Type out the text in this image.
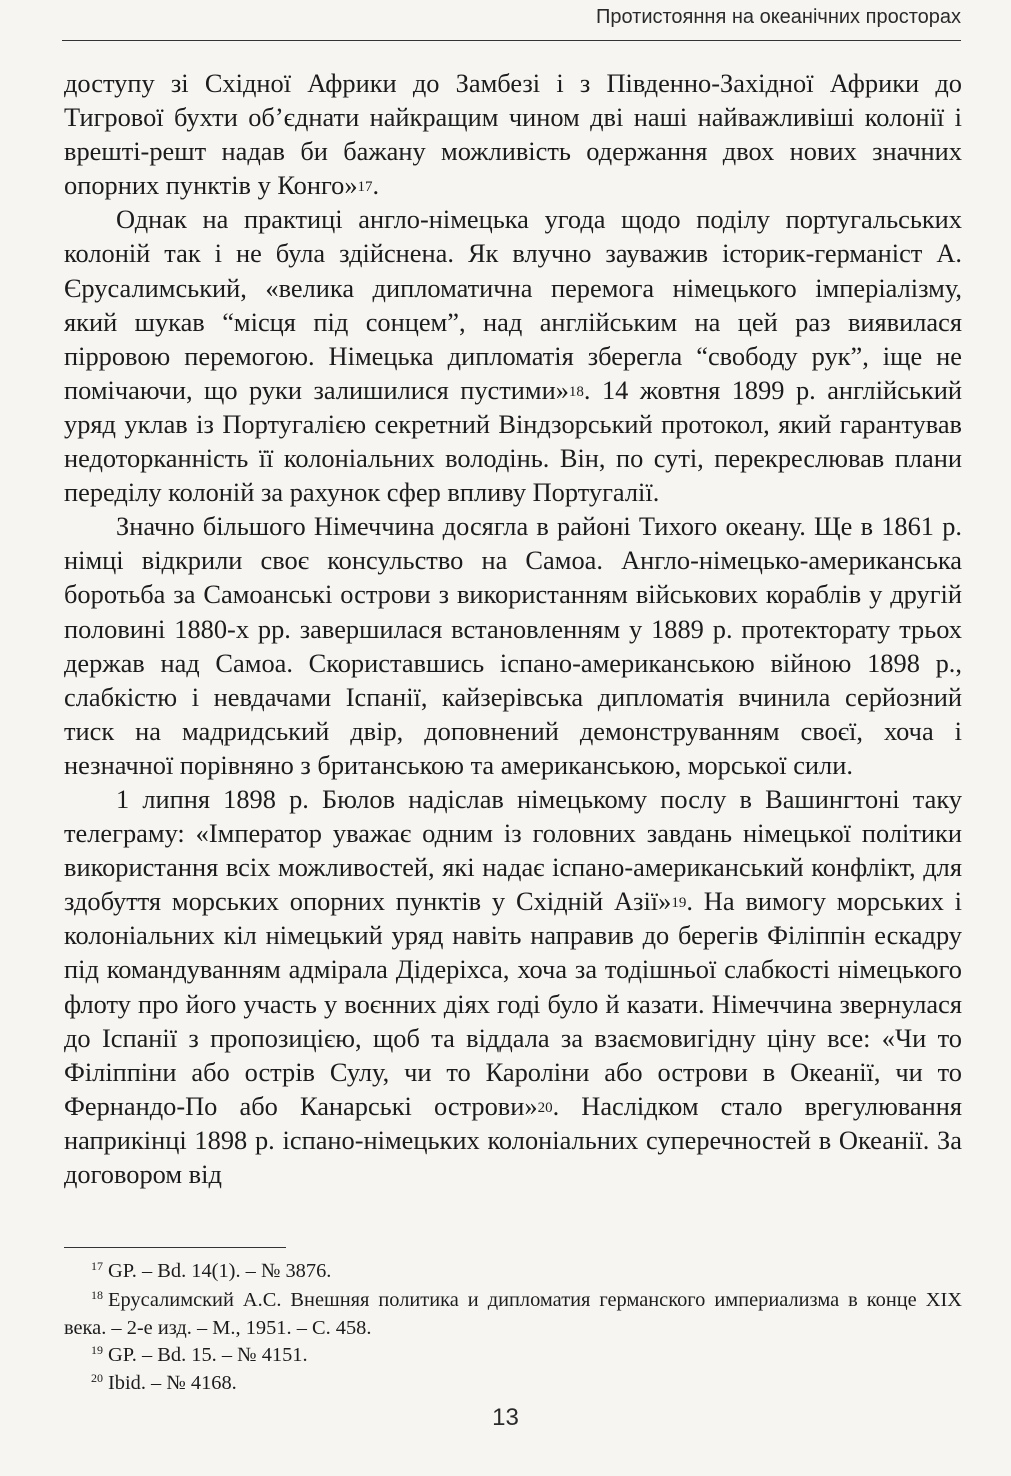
Протистояння на океанічних просторах

доступу зі Східної Африки до Замбезі і з Південно-Західної Африки до Тигрової бухти об’єднати найкращим чином дві наші найважливіші колонії і врешті-решт надав би бажану можливість одержання двох нових значних опорних пунктів у Конго»$^{17}$.

Однак на практиці англо-німецька угода щодо поділу португальських колоній так і не була здійснена. Як влучно зауважив історик-германіст А. Єрусалимський, «велика дипломатична перемога німецького імперіалізму, який шукав “місця під сонцем”, над англійським на цей раз виявилася пірровою перемогою. Німецька дипломатія зберегла “свободу рук”, іще не помічаючи, що руки залишилися пустими»$^{18}$. 14 жовтня 1899 р. англійський уряд уклав із Португалією секретний Віндзорський протокол, який гарантував недоторканність її колоніальних володінь. Він, по суті, перекреслював плани переділу колоній за рахунок сфер впливу Португалії.

Значно більшого Німеччина досягла в районі Тихого океану. Ще в 1861 р. німці відкрили своє консульство на Самоа. Англо-німецько-американська боротьба за Самоанські острови з використанням військових кораблів у другій половині 1880-х рр. завершилася встановленням у 1889 р. протекторату трьох держав над Самоа. Скориставшись іспано-американською війною 1898 р., слабкістю і невдачами Іспанії, кайзерівська дипломатія вчинила серйозний тиск на мадридський двір, доповнений демонструванням своєї, хоча і незначної порівняно з британською та американською, морської сили.

1 липня 1898 р. Бюлов надіслав німецькому послу в Вашингтоні таку телеграму: «Імператор уважає одним із головних завдань німецької політики використання всіх можливостей, які надає іспано-американський конфлікт, для здобуття морських опорних пунктів у Східній Азії»$^{19}$. На вимогу морських і колоніальних кіл німецький уряд навіть направив до берегів Філіппін ескадру під командуванням адмірала Дідеріхса, хоча за тодішньої слабкості німецького флоту про його участь у воєнних діях годі було й казати. Німеччина звернулася до Іспанії з пропозицією, щоб та віддала за взаємовигідну ціну все: «Чи то Філіппіни або острів Сулу, чи то Кароліни або острови в Океанії, чи то Фернандо-По або Канарські острови»$^{20}$. Наслідком стало врегулювання наприкінці 1898 р. іспано-німецьких колоніальних суперечностей в Океанії. За договором від

$^{17}$ GP. – Bd. 14(1). – № 3876.

$^{18}$ Ерусалимский А.С. Внешняя политика и дипломатия германского империализма в конце XIX века. – 2-е изд. – М., 1951. – С. 458.

$^{19}$ GP. – Bd. 15. – № 4151.

$^{20}$ Ibid. – № 4168.

13
